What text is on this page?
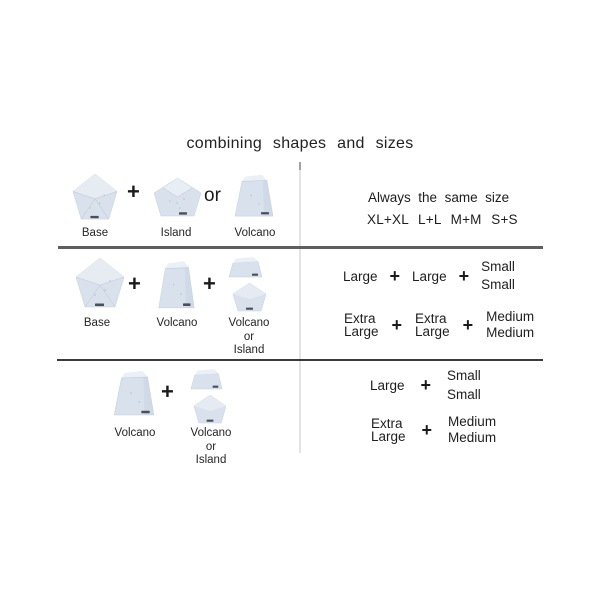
combining shapes and sizes
+	or
Base	Island	Volcano
Always the same size
XL+XL L+L M+M S+S
+	+
Base	Volcano	Volcano
or
Island
Large + Large + Small
Small
Extra
Large + Extra
Large + Medium
Medium
+
Volcano	Volcano
or
Island
Large + Small
Small
Extra
Large + Medium
Medium
